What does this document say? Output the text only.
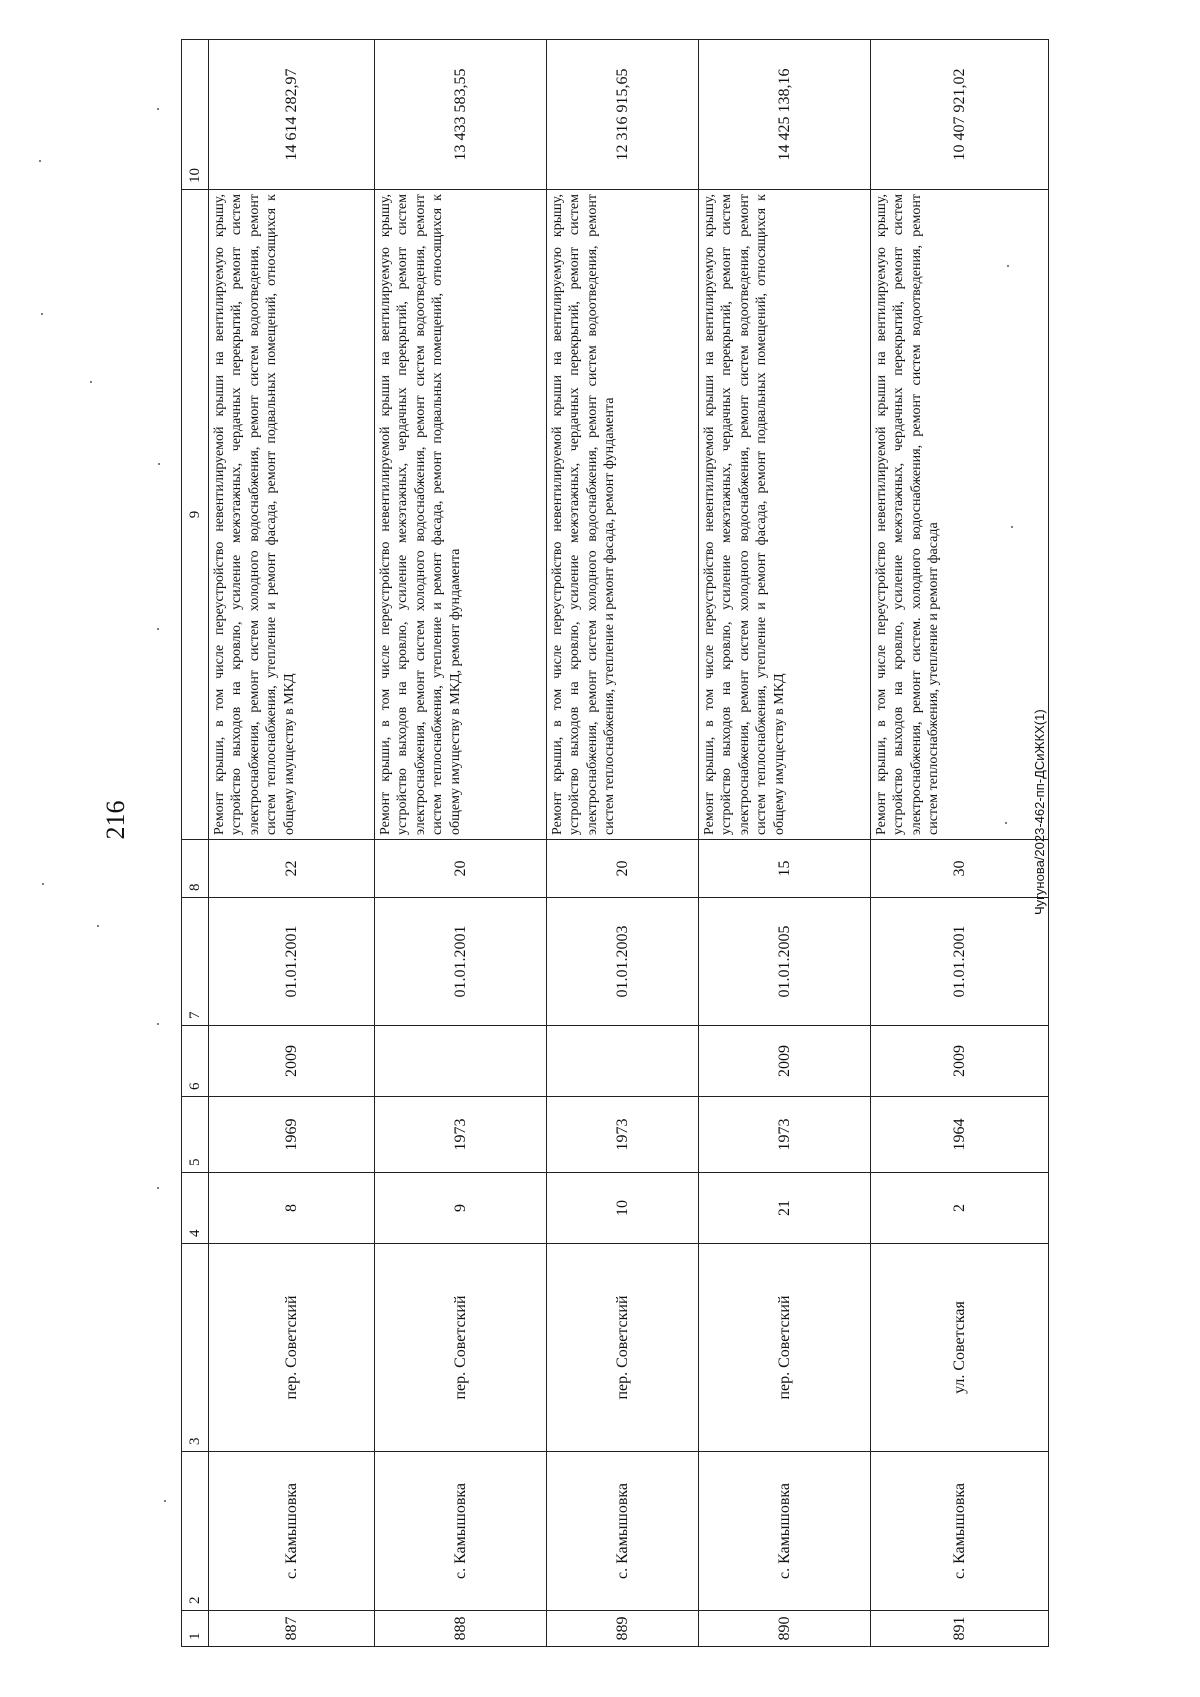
216	Чугунова/2023-462-пп-ДСиЖКХ(1)
1	2	3	4	5	6	7	8	9	10
887	с. Камышовка	пер. Советский	8	1969	2009	01.01.2001	22	Ремонт крыши, в том числе переустройство невентилируемой крыши на вентилируемую крышу, устройство выходов на кровлю, усиление межэтажных, чердачных перекрытий, ремонт систем электроснабжения, ремонт систем холодного водоснабжения, ремонт систем водоотведения, ремонт систем теплоснабжения, утепление и ремонт фасада, ремонт подвальных помещений, относящихся к общему имуществу в МКД	14 614 282,97
888	с. Камышовка	пер. Советский	9	1973		01.01.2001	20	Ремонт крыши, в том числе переустройство невентилируемой крыши на вентилируемую крышу, устройство выходов на кровлю, усиление межэтажных, чердачных перекрытий, ремонт систем электроснабжения, ремонт систем холодного водоснабжения, ремонт систем водоотведения, ремонт систем теплоснабжения, утепление и ремонт фасада, ремонт подвальных помещений, относящихся к общему имуществу в МКД, ремонт фундамента	13 433 583,55
889	с. Камышовка	пер. Советский	10	1973		01.01.2003	20	Ремонт крыши, в том числе переустройство невентилируемой крыши на вентилируемую крышу, устройство выходов на кровлю, усиление межэтажных, чердачных перекрытий, ремонт систем электроснабжения, ремонт систем холодного водоснабжения, ремонт систем водоотведения, ремонт систем теплоснабжения, утепление и ремонт фасада, ремонт фундамента	12 316 915,65
890	с. Камышовка	пер. Советский	21	1973	2009	01.01.2005	15	Ремонт крыши, в том числе переустройство невентилируемой крыши на вентилируемую крышу, устройство выходов на кровлю, усиление межэтажных, чердачных перекрытий, ремонт систем электроснабжения, ремонт систем холодного водоснабжения, ремонт систем водоотведения, ремонт систем теплоснабжения, утепление и ремонт фасада, ремонт подвальных помещений, относящихся к общему имуществу в МКД	14 425 138,16
891	с. Камышовка	ул. Советская	2	1964	2009	01.01.2001	30	Ремонт крыши, в том числе переустройство невентилируемой крыши на вентилируемую крышу, устройство выходов на кровлю, усиление межэтажных, чердачных перекрытий, ремонт систем электроснабжения, ремонт систем. холодного водоснабжения, ремонт систем водоотведения, ремонт систем теплоснабжения, утепление и ремонт фасада	10 407 921,02
